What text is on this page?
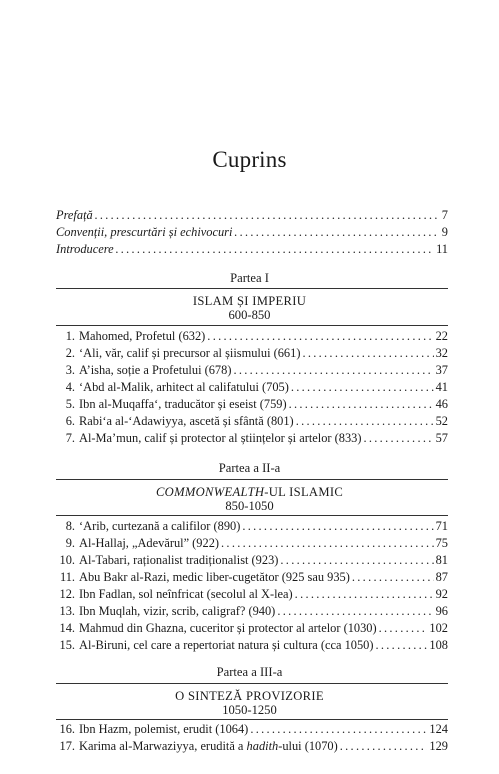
Cuprins
Prefață . . .	7
Convenții, prescurtări și echivocuri . . .	9
Introducere . . .	11
Partea I
ISLAM ȘI IMPERIU
600-850
1. Mahomed, Profetul (632) . . .	22
2. ‘Ali, văr, calif și precursor al șiismului (661) . . .	32
3. A’isha, soție a Profetului (678) . . .	37
4. ‘Abd al-Malik, arhitect al califatului (705) . . .	41
5. Ibn al-Muqaffa‘, traducător și eseist (759) . . .	46
6. Rabi‘a al-‘Adawiyya, ascetă și sfântă (801) . . .	52
7. Al-Ma’mun, calif și protector al științelor și artelor (833) . . .	57
Partea a II-a
COMMONWEALTH-UL ISLAMIC
850-1050
8. ‘Arib, curtezană a califilor (890) . . .	71
9. Al-Hallaj, „Adevărul” (922) . . .	75
10. Al-Tabari, raționalist tradiționalist (923) . . .	81
11. Abu Bakr al-Razi, medic liber-cugetător (925 sau 935) . . .	87
12. Ibn Fadlan, sol neînfricat (secolul al X-lea) . . .	92
13. Ibn Muqlah, vizir, scrib, caligraf? (940) . . .	96
14. Mahmud din Ghazna, cuceritor și protector al artelor (1030) . . .	102
15. Al-Biruni, cel care a repertoriat natura și cultura (cca 1050) . . .	108
Partea a III-a
O SINTEZĂ PROVIZORIE
1050-1250
16. Ibn Hazm, polemist, erudit (1064) . . .	124
17. Karima al-Marwaziyya, erudită a hadith-ului (1070) . . .	129
